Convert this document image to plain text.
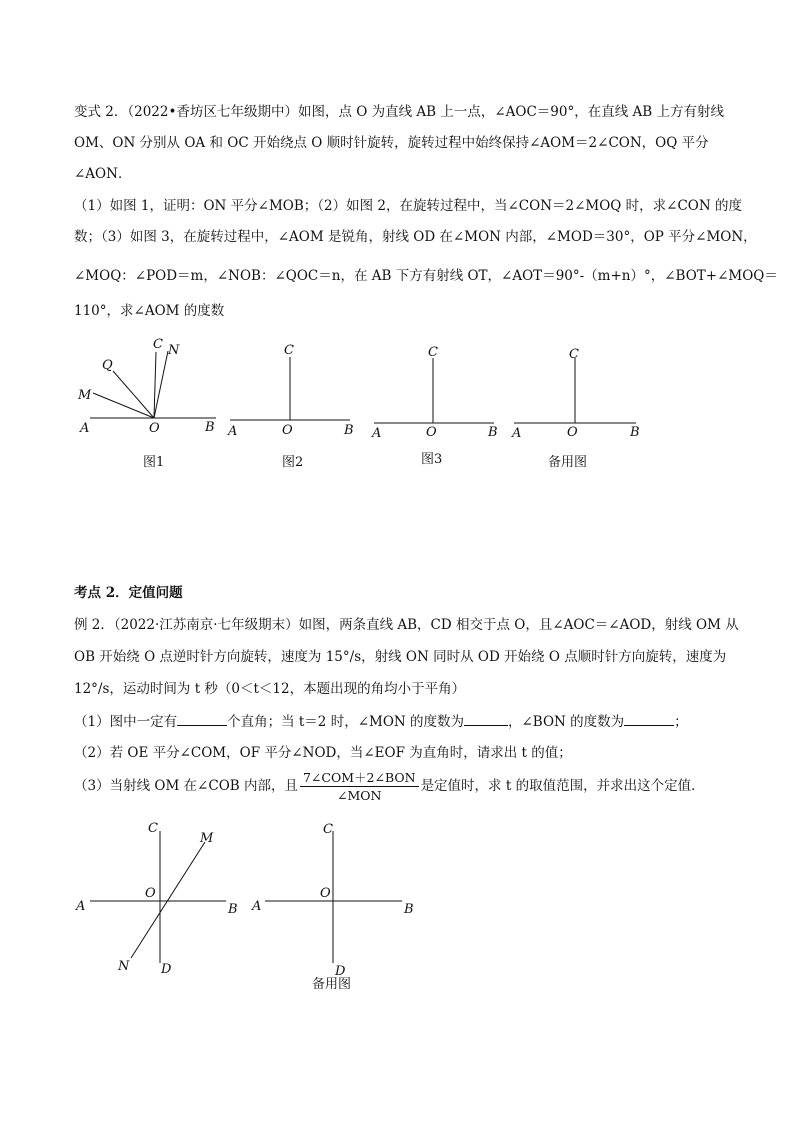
变式 2．（2022•香坊区七年级期中）如图，点 O 为直线 AB 上一点，∠AOC＝90°，在直线 AB 上方有射线
OM、ON 分别从 OA 和 OC 开始绕点 O 顺时针旋转，旋转过程中始终保持∠AOM＝2∠CON，OQ 平分
∠AON．
（1）如图 1，证明：ON 平分∠MOB；（2）如图 2，在旋转过程中，当∠CON＝2∠MOQ 时，求∠CON 的度
数；（3）如图 3，在旋转过程中，∠AOM 是锐角，射线 OD 在∠MON 内部，∠MOD＝30°，OP 平分∠MON，
∠MOQ：∠POD＝m，∠NOB：∠QOC＝n，在 AB 下方有射线 OT，∠AOT＝90°-（m+n）°，∠BOT+∠MOQ＝
110°，求∠AOM 的度数
A	O	B
C N
Q
M
A	O	B
C
A	O	B
C
A	O	B
C
图1	图2	图3	备用图
考点 2．定值问题
例 2．（2022·江苏南京·七年级期末）如图，两条直线 AB，CD 相交于点 O，且∠AOC＝∠AOD，射线 OM 从
OB 开始绕 O 点逆时针方向旋转，速度为 15°/s，射线 ON 同时从 OD 开始绕 O 点顺时针方向旋转，速度为
12°/s，运动时间为 t 秒（0＜t＜12，本题出现的角均小于平角）
（1）图中一定有	个直角；当 t＝2 时，∠MON 的度数为	，∠BON 的度数为	；
（2）若 OE 平分∠COM，OF 平分∠NOD，当∠EOF 为直角时，请求出 t 的值；
（3）当射线 OM 在∠COB 内部，且 $\frac{\text{7∠COM＋2∠BON}}{\text{∠MON}}$ 是定值时，求 t 的取值范围，并求出这个定值．
A	B
C
D
O
M
N
A	B
C
D
O
备用图
